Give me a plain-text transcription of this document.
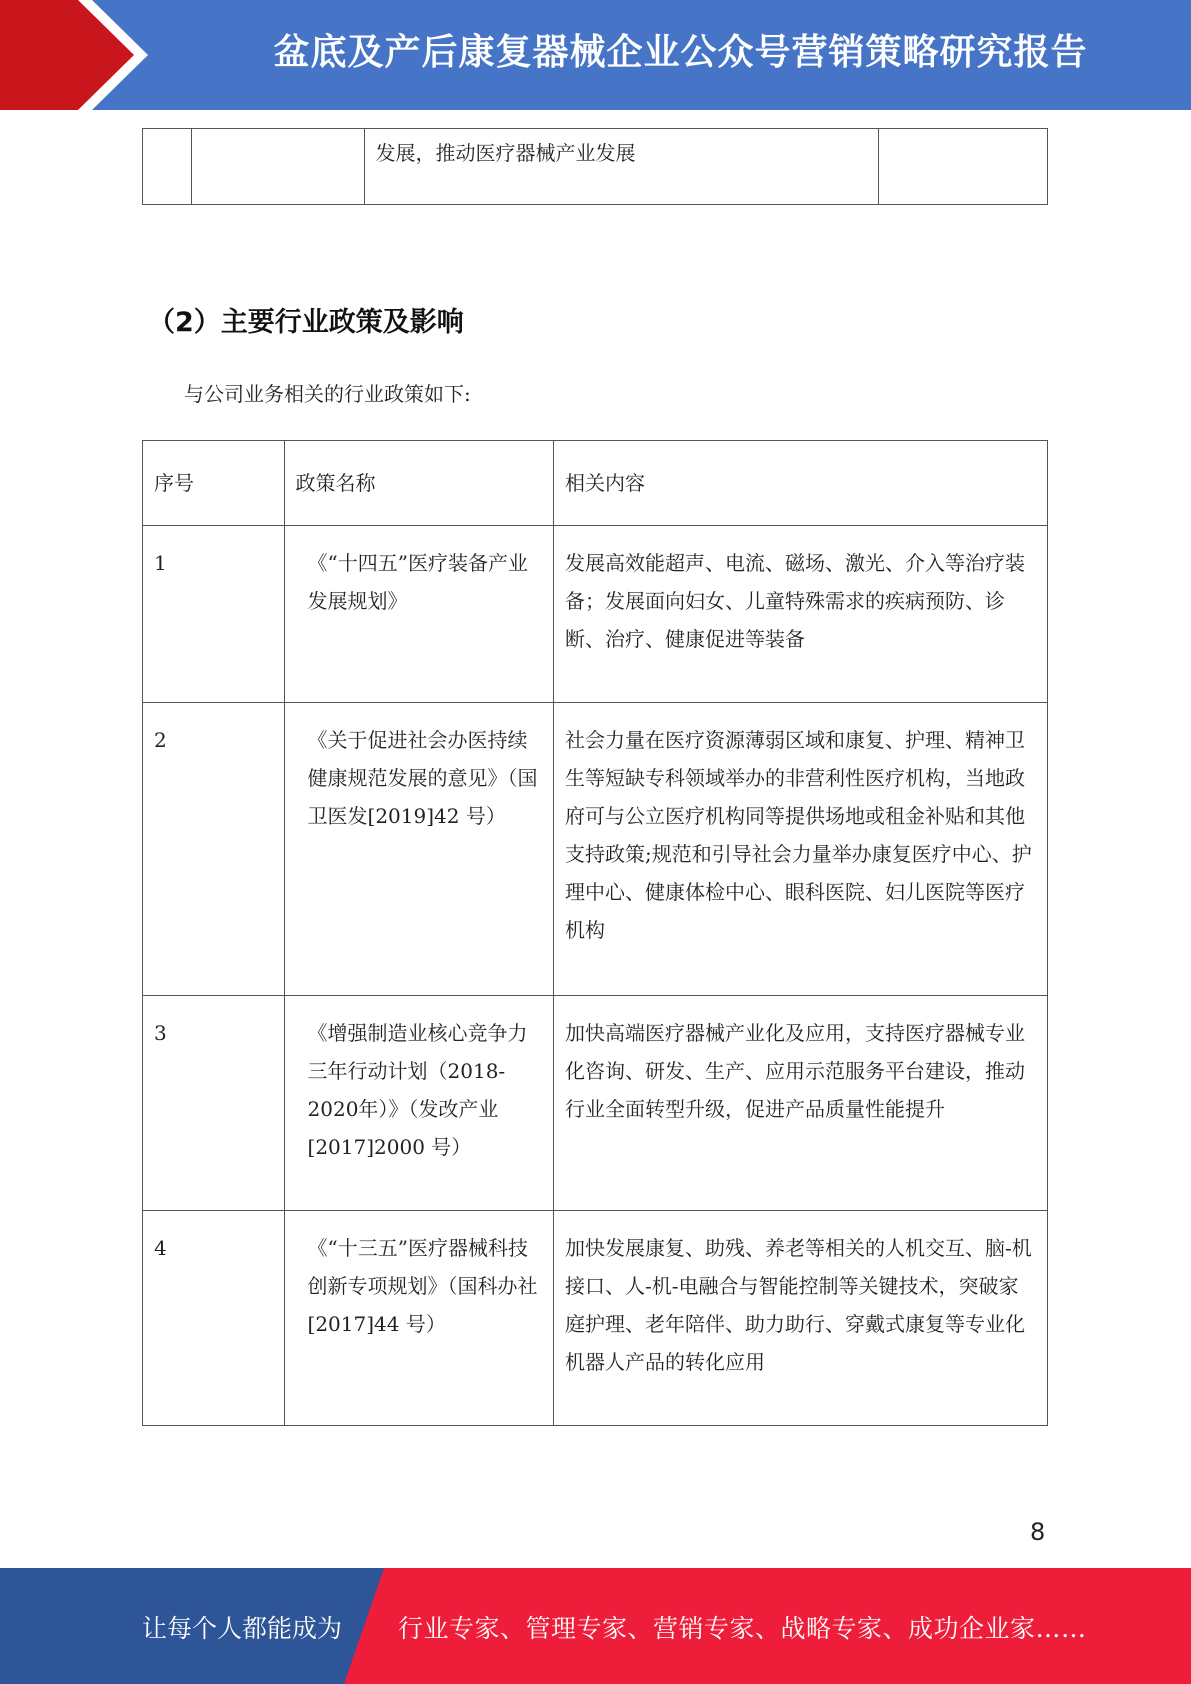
盆底及产后康复器械企业公众号营销策略研究报告
		发展，推动医疗器械产业发展	
（2）主要行业政策及影响
与公司业务相关的行业政策如下:
序号	政策名称	相关内容
1	《“十四五”医疗装备产业发展规划》	发展高效能超声、电流、磁场、激光、介入等治疗装备；发展面向妇女、儿童特殊需求的疾病预防、诊断、治疗、健康促进等装备
2	《关于促进社会办医持续健康规范发展的意见》（国卫医发[2019]42 号）	社会力量在医疗资源薄弱区域和康复、护理、精神卫生等短缺专科领域举办的非营利性医疗机构，当地政府可与公立医疗机构同等提供场地或租金补贴和其他支持政策;规范和引导社会力量举办康复医疗中心、护理中心、健康体检中心、眼科医院、妇儿医院等医疗机构
3	《增强制造业核心竞争力三年行动计划（2018-2020年）》（发改产业[2017]2000 号）	加快高端医疗器械产业化及应用，支持医疗器械专业化咨询、研发、生产、应用示范服务平台建设，推动行业全面转型升级，促进产品质量性能提升
4	《“十三五”医疗器械科技创新专项规划》（国科办社[2017]44 号）	加快发展康复、助残、养老等相关的人机交互、脑-机接口、人-机-电融合与智能控制等关键技术，突破家庭护理、老年陪伴、助力助行、穿戴式康复等专业化机器人产品的转化应用
8
让每个人都能成为 行业专家、管理专家、营销专家、战略专家、成功企业家……
